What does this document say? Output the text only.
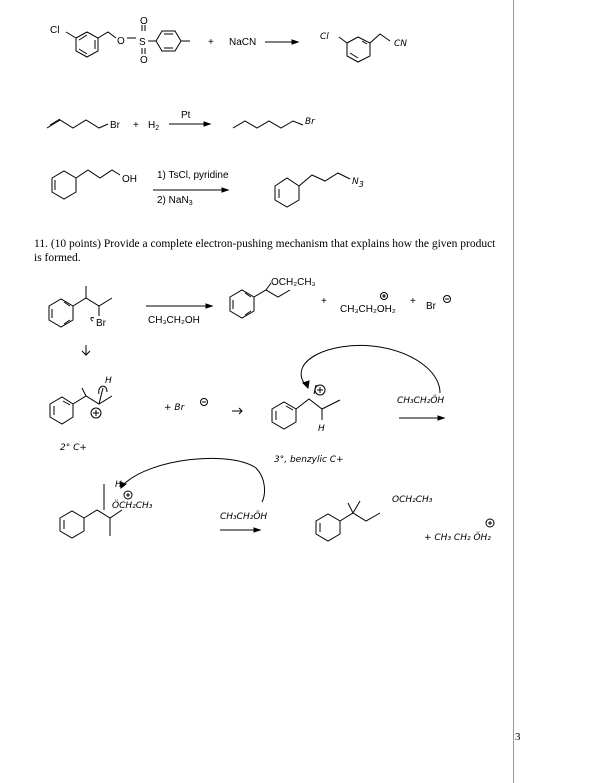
Cl
O
O
S
O
+ NaCN	Cl
CN
$Br + H_2$
Pt
Br
OH 1) TsCl, pyridine
2) NaN$_3$
N3
Br	CH₃CH₂OH
OCH₂CH₃
+
CH₃CH₂OH₂
+ Br
H
+ Br
H
CH₃CH₂ÖH
2° C+
3°, benzylic C+
H
ÖCH₂CH₃
CH₃CH₂ÖH
OCH₂CH₃
+ CH₃ CH₂ ÖH₂
11. (10 points) Provide a complete electron-pushing mechanism that explains how the given product is formed.
3
